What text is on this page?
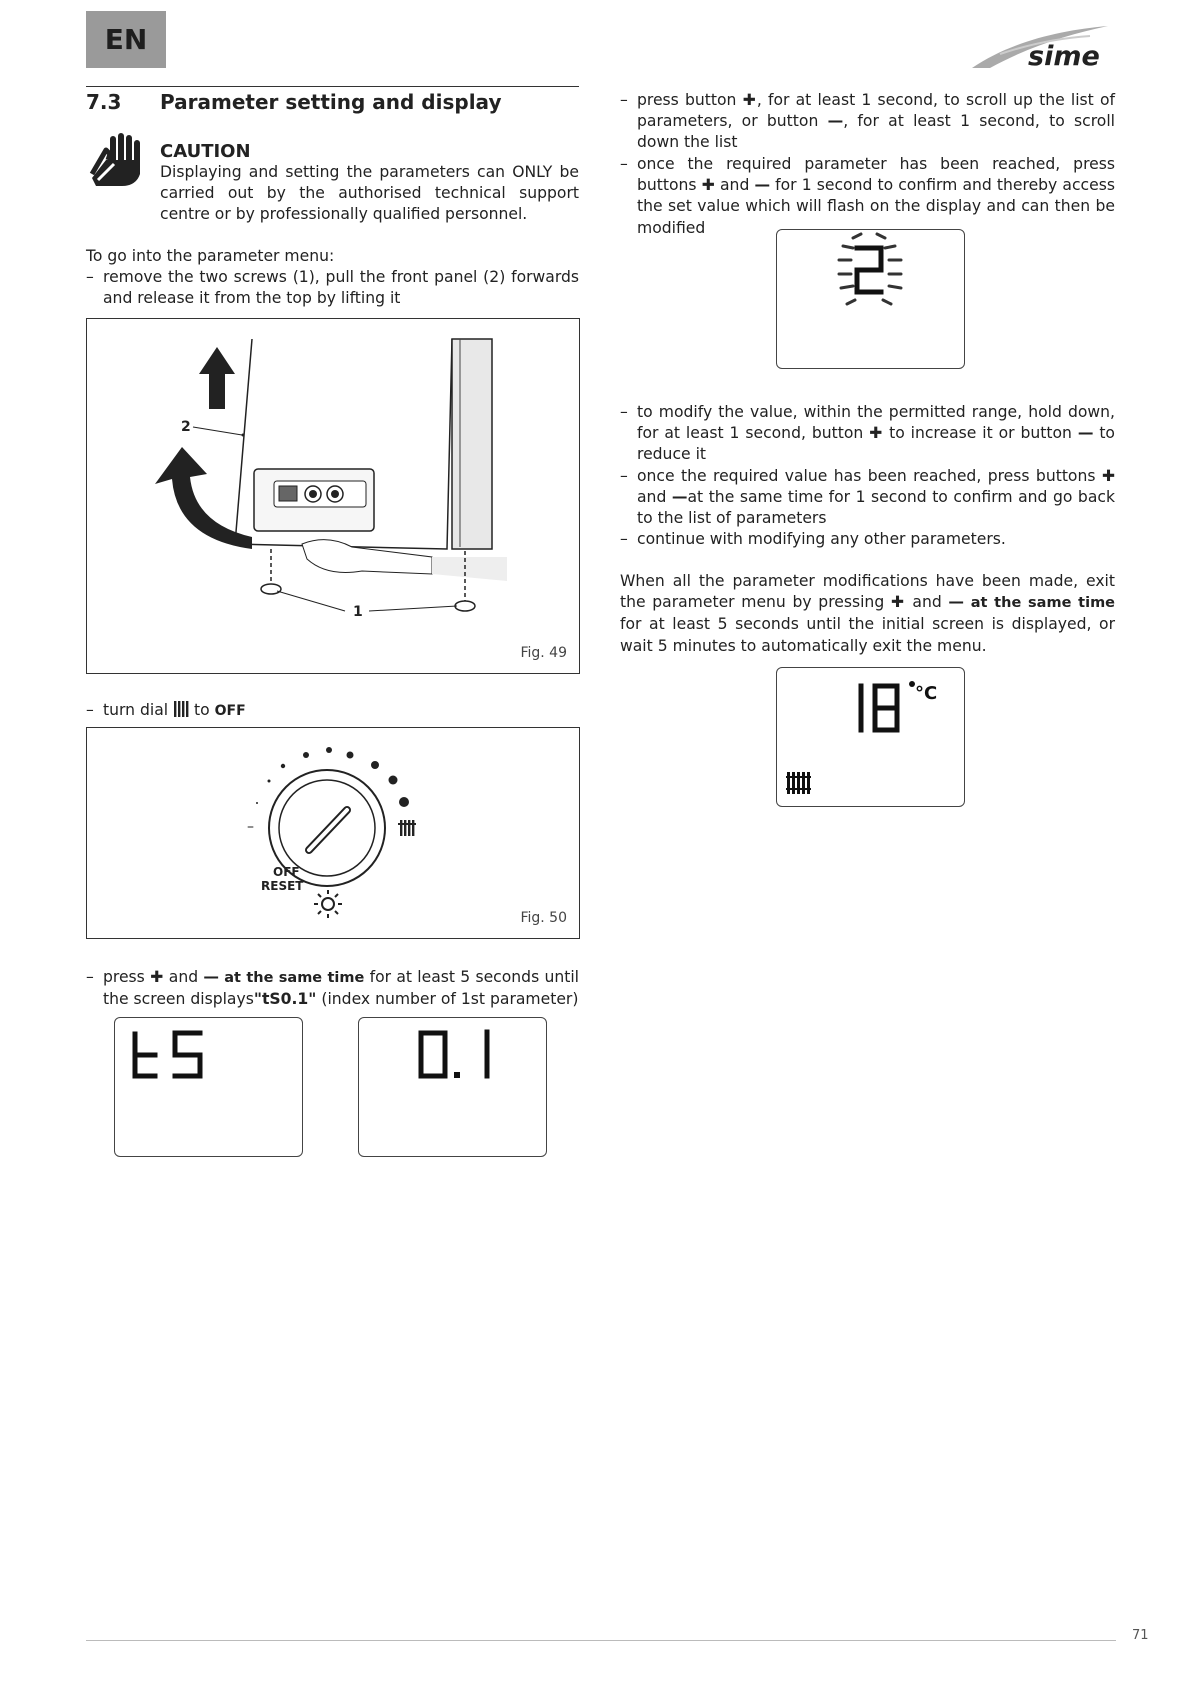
EN
sime
7.3 Parameter setting and display
CAUTION
Displaying and setting the parameters can ONLY be carried out by the authorised technical support centre or by professionally qualified personnel.
To go into the parameter menu:
– remove the two screws (1), pull the front panel (2) forwards and release it from the top by lifting it
2
1
Fig. 49
– turn dial to OFF
–
OFF
RESET
Fig. 50
– press ✚ and — at the same time for at least 5 seconds until the screen displays"tS0.1" (index number of 1st parameter)
– press button ✚, for at least 1 second, to scroll up the list of parameters, or button —, for at least 1 second, to scroll down the list
– once the required parameter has been reached, press buttons ✚ and — for 1 second to confirm and thereby access the set value which will flash on the display and can then be modified
– to modify the value, within the permitted range, hold down, for at least 1 second, button ✚ to increase it or button — to reduce it
– once the required value has been reached, press buttons ✚ and —at the same time for 1 second to confirm and go back to the list of parameters
– continue with modifying any other parameters.
When all the parameter modifications have been made, exit the parameter menu by pressing ✚ and — at the same time for at least 5 seconds until the initial screen is displayed, or wait 5 minutes to automatically exit the menu.
°C
71
